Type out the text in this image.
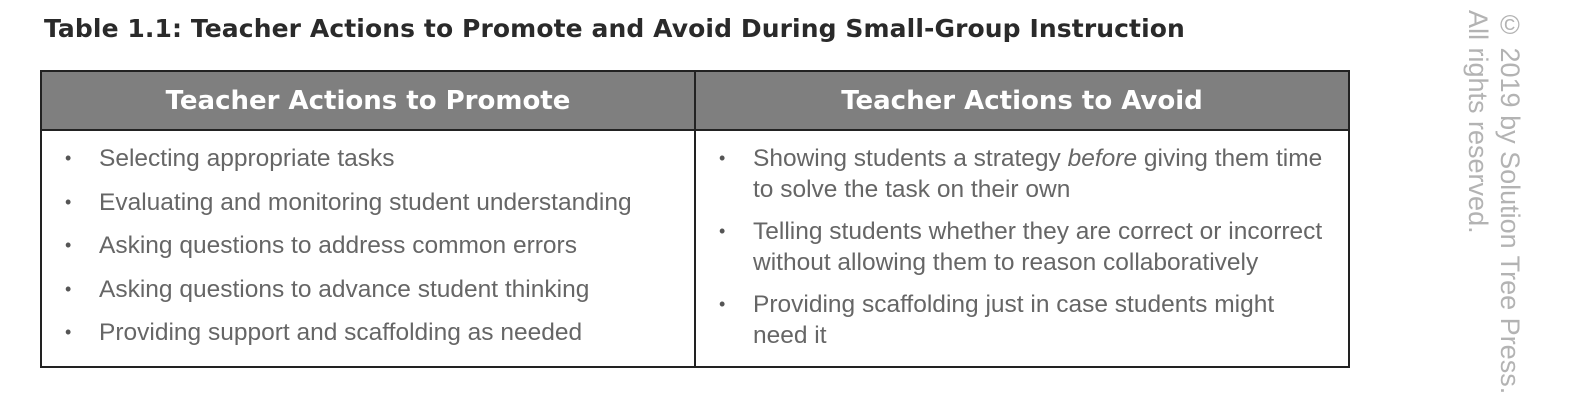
Table 1.1: Teacher Actions to Promote and Avoid During Small-Group Instruction
Teacher Actions to Promote	Teacher Actions to Avoid
• Selecting appropriate tasks
• Evaluating and monitoring student understanding
• Asking questions to address common errors
• Asking questions to advance student thinking
• Providing support and scaffolding as needed
• Showing students a strategy before giving them time to solve the task on their own
• Telling students whether they are correct or incorrect without allowing them to reason collaboratively
• Providing scaffolding just in case students might need it	© 2019 by Solution Tree Press.
All rights reserved.
